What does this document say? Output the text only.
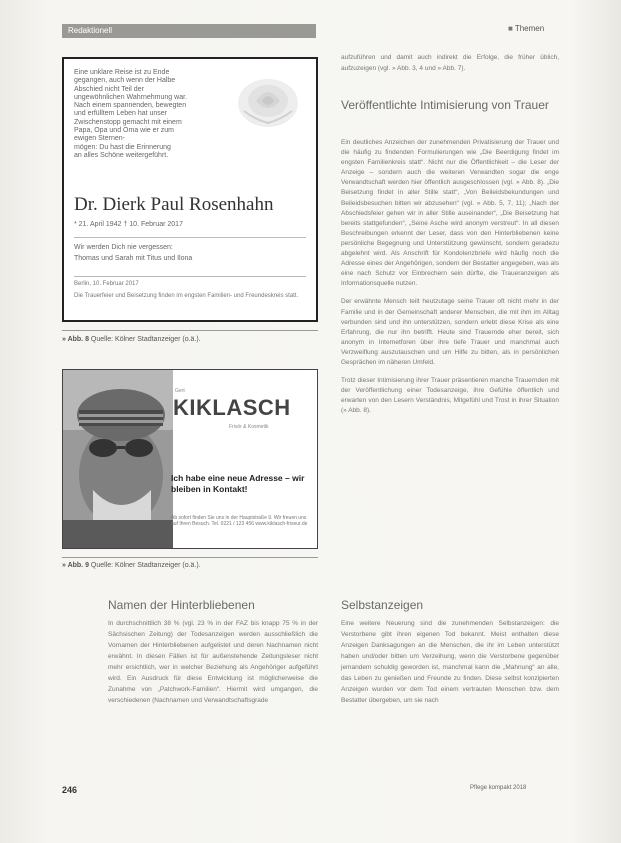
Redaktionell	■ Themen
Eine unklare Reise ist zu Ende
gegangen, auch wenn der Halbe
Abschied nicht Teil der
ungewöhnlichen Wahrnehmung war.
Nach einem spannenden, bewegten
und erfülltem Leben hat unser
Zwischenstopp gemacht mit einem
Papa, Opa und Oma wie er zum
ewigen Sternen-
mögen: Du hast die Erinnerung
an alles Schöne weitergeführt.
Dr. Dierk Paul Rosenhahn
* 21. April 1942 † 10. Februar 2017
Wir werden Dich nie vergessen:
Thomas und Sarah mit Titus und Ilona
Berlin, 10. Februar 2017
Die Trauerfeier und Beisetzung finden im engsten Familien- und Freundeskreis statt.
» Abb. 8 Quelle: Kölner Stadtanzeiger (o.ä.).
Gert
KIKLASCH
Frisör & Kosmetik
Ich habe eine neue Adresse – wir bleiben in Kontakt!
Ab sofort finden Sie uns in der Hauptstraße 9. Wir freuen uns auf Ihren Besuch. Tel. 0221 / 123 456 www.kiklasch-friseur.de
» Abb. 9 Quelle: Kölner Stadtanzeiger (o.ä.).
Namen der Hinterbliebenen

In durchschnittlich 38 % (vgl. 23 % in der FAZ bis knapp 75 % in der Sächsischen Zeitung) der Todesanzeigen werden ausschließlich die Vornamen der Hinterbliebenen aufgelistet und deren Nachnamen nicht erwähnt. In diesen Fällen ist für außenstehende Zeitungsleser nicht mehr ersichtlich, wer in welcher Beziehung als Angehöriger aufgeführt wird. Ein Ausdruck für diese Entwicklung ist möglicherweise die Zunahme von „Patchwork-Familien“. Hiermit wird umgangen, die verschiedenen (Nachnamen und Verwandtschaftsgrade

aufzuführen und damit auch indirekt die Erfolge, die früher üblich, aufzuzeigen (vgl. » Abb. 3, 4 und » Abb. 7).

Veröffentlichte Intimisierung von Trauer

Ein deutliches Anzeichen der zunehmenden Privatisierung der Trauer und die häufig zu findenden Formulierungen wie „Die Beerdigung findet im engsten Familienkreis statt“. Nicht nur die Öffentlichkeit – die Leser der Anzeige – sondern auch die weiteren Verwandten sogar die enge Verwandtschaft werden hier öffentlich ausgeschlossen (vgl. » Abb. 8). „Die Beisetzung findet in aller Stille statt“, „Von Beileidsbekundungen und Beileidsbesuchen bitten wir abzusehen“ (vgl. » Abb. 5, 7, 11); „Nach der Abschiedsfeier gehen wir in aller Stille auseinander“, „Die Beisetzung hat bereits stattgefunden“, „Seine Asche wird anonym verstreut“. In all diesen Beschreibungen erkennt der Leser, dass von den Hinterbliebenen keine persönliche Begegnung und Unterstützung gewünscht, sondern geradezu abgelehnt wird. Als Anschrift für Kondolenzbriefe wird häufig noch die Adresse eines der Angehörigen, sondern der Bestatter angegeben, was als eine nach Schutz vor Einbrechern sein dürfte, die Traueranzeigen als Informationsquelle nutzen.

Der erwähnte Mensch teilt heutzutage seine Trauer oft nicht mehr in der Familie und in der Gemeinschaft anderer Menschen, die mit ihm im Alltag verbunden sind und ihn unterstützen, sondern erlebt diese Krise als eine Erfahrung, die nur ihn betrifft. Heute sind Trauernde eher bereit, sich anonym in Internetforen über ihre tiefe Trauer und manchmal auch Verzweiflung auszutauschen und um Hilfe zu bitten, als in persönlichen Gesprächen im näheren Umfeld.

Trotz dieser Intimisierung ihrer Trauer präsentieren manche Trauernden mit der Veröffentlichung einer Todesanzeige, ihre Gefühle öffentlich und erwarten von den Lesern Verständnis, Mitgefühl und Trost in ihrer Situation (» Abb. 8).

Selbstanzeigen

Eine weitere Neuerung sind die zunehmenden Selbstanzeigen: die Verstorbene gibt ihren eigenen Tod bekannt. Meist enthalten diese Anzeigen Danksagungen an die Menschen, die ihr im Leben unterstützt haben und/oder bitten um Verzeihung, wenn die Verstorbene gegenüber jemandem schuldig geworden ist, manchmal kann die „Mahnung“ an alle, das Leben zu genießen und Freunde zu finden. Diese selbst konzipierten Anzeigen wurden vor dem Tod einem vertrauten Menschen bzw. dem Bestatter übergeben, um sie nach

246	Pflege kompakt 2018
